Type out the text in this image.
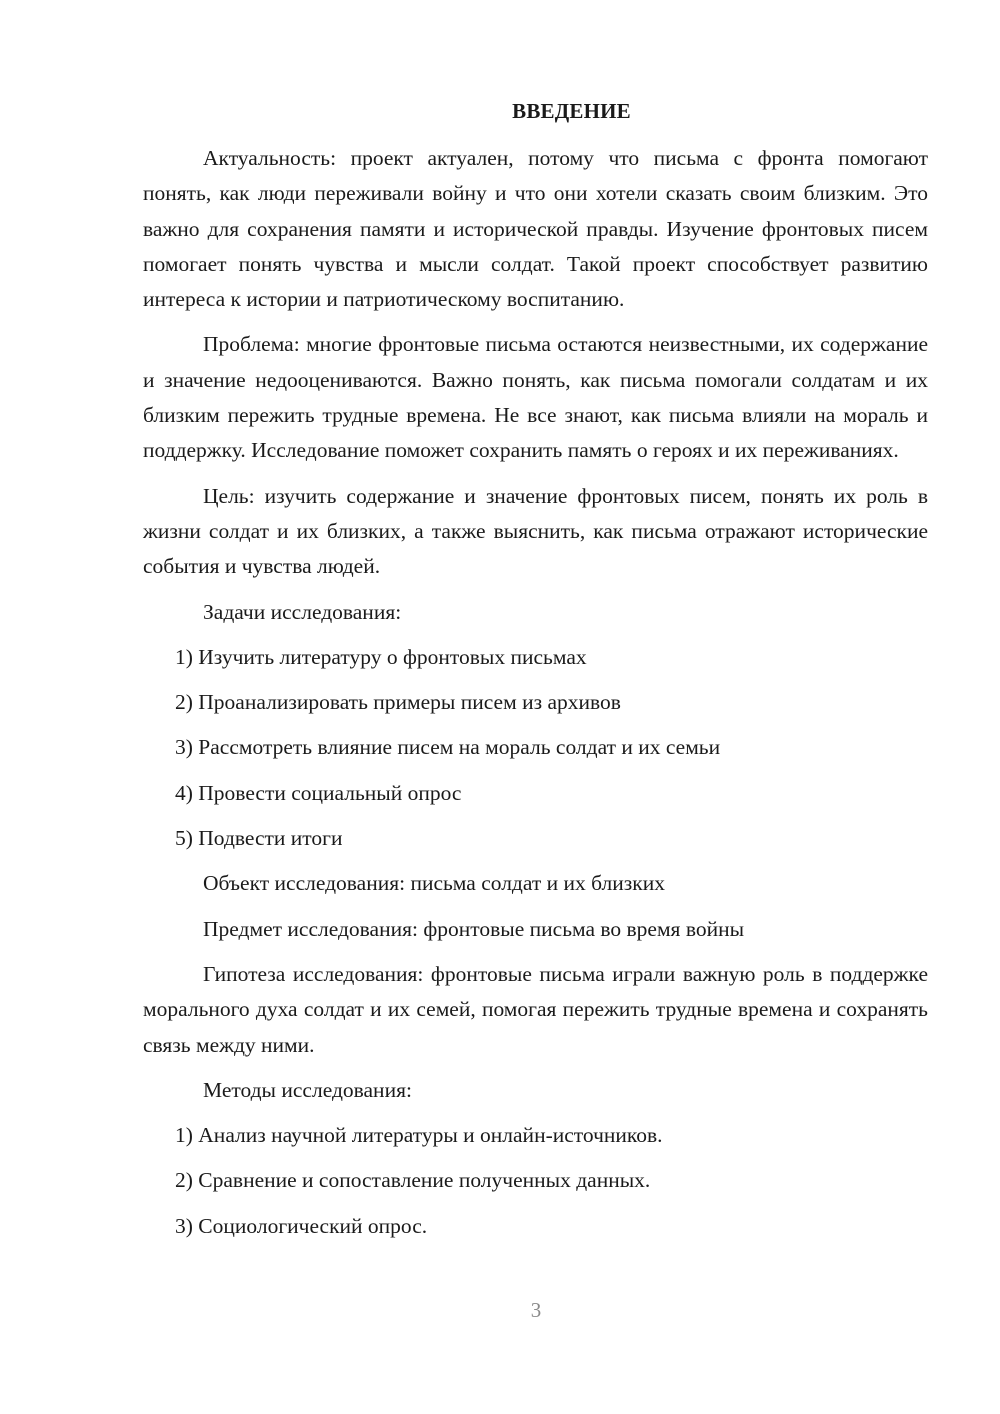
ВВЕДЕНИЕ

Актуальность: проект актуален, потому что письма с фронта помогают понять, как люди переживали войну и что они хотели сказать своим близким. Это важно для сохранения памяти и исторической правды. Изучение фронтовых писем помогает понять чувства и мысли солдат. Такой проект способствует развитию интереса к истории и патриотическому воспитанию.

Проблема: многие фронтовые письма остаются неизвестными, их содержание и значение недооцениваются. Важно понять, как письма помогали солдатам и их близким пережить трудные времена. Не все знают, как письма влияли на мораль и поддержку. Исследование поможет сохранить память о героях и их переживаниях.

Цель: изучить содержание и значение фронтовых писем, понять их роль в жизни солдат и их близких, а также выяснить, как письма отражают исторические события и чувства людей.

Задачи исследования:

1) Изучить литературу о фронтовых письмах
2) Проанализировать примеры писем из архивов
3) Рассмотреть влияние писем на мораль солдат и их семьи
4) Провести социальный опрос
5) Подвести итоги

Объект исследования: письма солдат и их близких

Предмет исследования: фронтовые письма во время войны

Гипотеза исследования: фронтовые письма играли важную роль в поддержке морального духа солдат и их семей, помогая пережить трудные времена и сохранять связь между ними.

Методы исследования:

1) Анализ научной литературы и онлайн-источников.
2) Сравнение и сопоставление полученных данных.
3) Социологический опрос.
3
